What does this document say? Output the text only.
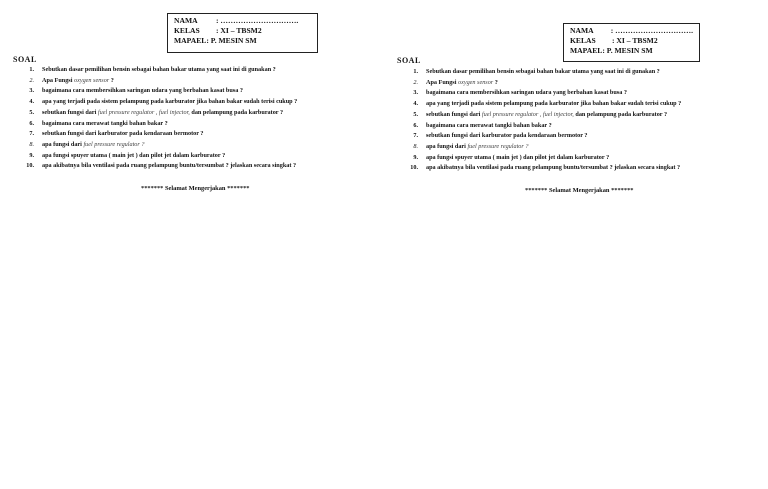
NAMA	: ………………………….
KELAS	: XI – TBSM2
MAPAEL : P. MESIN SM
SOAL
1.	Sebutkan dasar pemilihan bensin sebagai bahan bakar utama yang saat ini di gunakan ?
2.	Apa Fungsi oxygen sensor ?
3.	bagaimana cara membersihkan saringan udara yang berbahan kasat busa ?
4.	apa yang terjadi pada sistem pelampung pada karburator jika bahan bakar sudah terisi cukup ?
5.	sebutkan fungsi dari fuel pressure regulator , fuel injector, dan pelampung pada karburator ?
6.	bagaimana cara merawat tangki bahan bakar ?
7.	sebutkan fungsi dari karburator pada kendaraan bermotor ?
8.	apa fungsi dari fuel pressure regulator ?
9.	apa fungsi spuyer utama ( main jet ) dan pilot jet dalam karburator ?
10.	apa akibatnya bila ventilasi pada ruang pelampung buntu/tersumbat ? jelaskan secara singkat ?
******* Selamat Mengerjakan *******
NAMA	: ………………………….
KELAS	: XI – TBSM2
MAPAEL : P. MESIN SM
SOAL
1.	Sebutkan dasar pemilihan bensin sebagai bahan bakar utama yang saat ini di gunakan ?
2.	Apa Fungsi oxygen sensor ?
3.	bagaimana cara membersihkan saringan udara yang berbahan kasat busa ?
4.	apa yang terjadi pada sistem pelampung pada karburator jika bahan bakar sudah terisi cukup ?
5.	sebutkan fungsi dari fuel pressure regulator , fuel injector, dan pelampung pada karburator ?
6.	bagaimana cara merawat tangki bahan bakar ?
7.	sebutkan fungsi dari karburator pada kendaraan bermotor ?
8.	apa fungsi dari fuel pressure regulator ?
9.	apa fungsi spuyer utama ( main jet ) dan pilot jet dalam karburator ?
10.	apa akibatnya bila ventilasi pada ruang pelampung buntu/tersumbat ? jelaskan secara singkat ?
******* Selamat Mengerjakan *******
